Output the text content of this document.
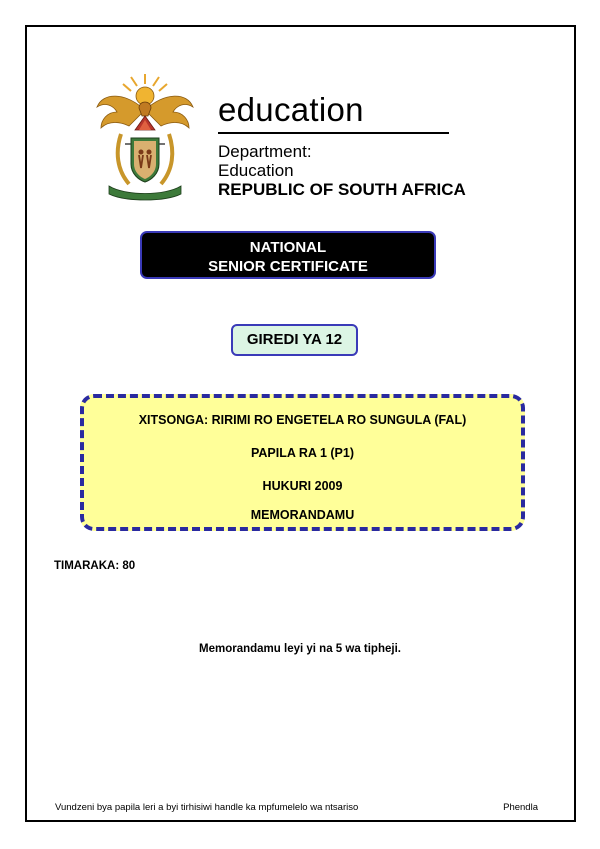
education
Department:
Education
REPUBLIC OF SOUTH AFRICA
NATIONAL
SENIOR CERTIFICATE
GIREDI YA 12
XITSONGA: RIRIMI RO ENGETELA RO SUNGULA (FAL)
PAPILA RA 1 (P1)
HUKURI 2009
MEMORANDAMU
TIMARAKA: 80
Memorandamu leyi yi na 5 wa tipheji.
Vundzeni bya papila leri a byi tirhisiwi handle ka mpfumelelo wa ntsariso	Phendla
